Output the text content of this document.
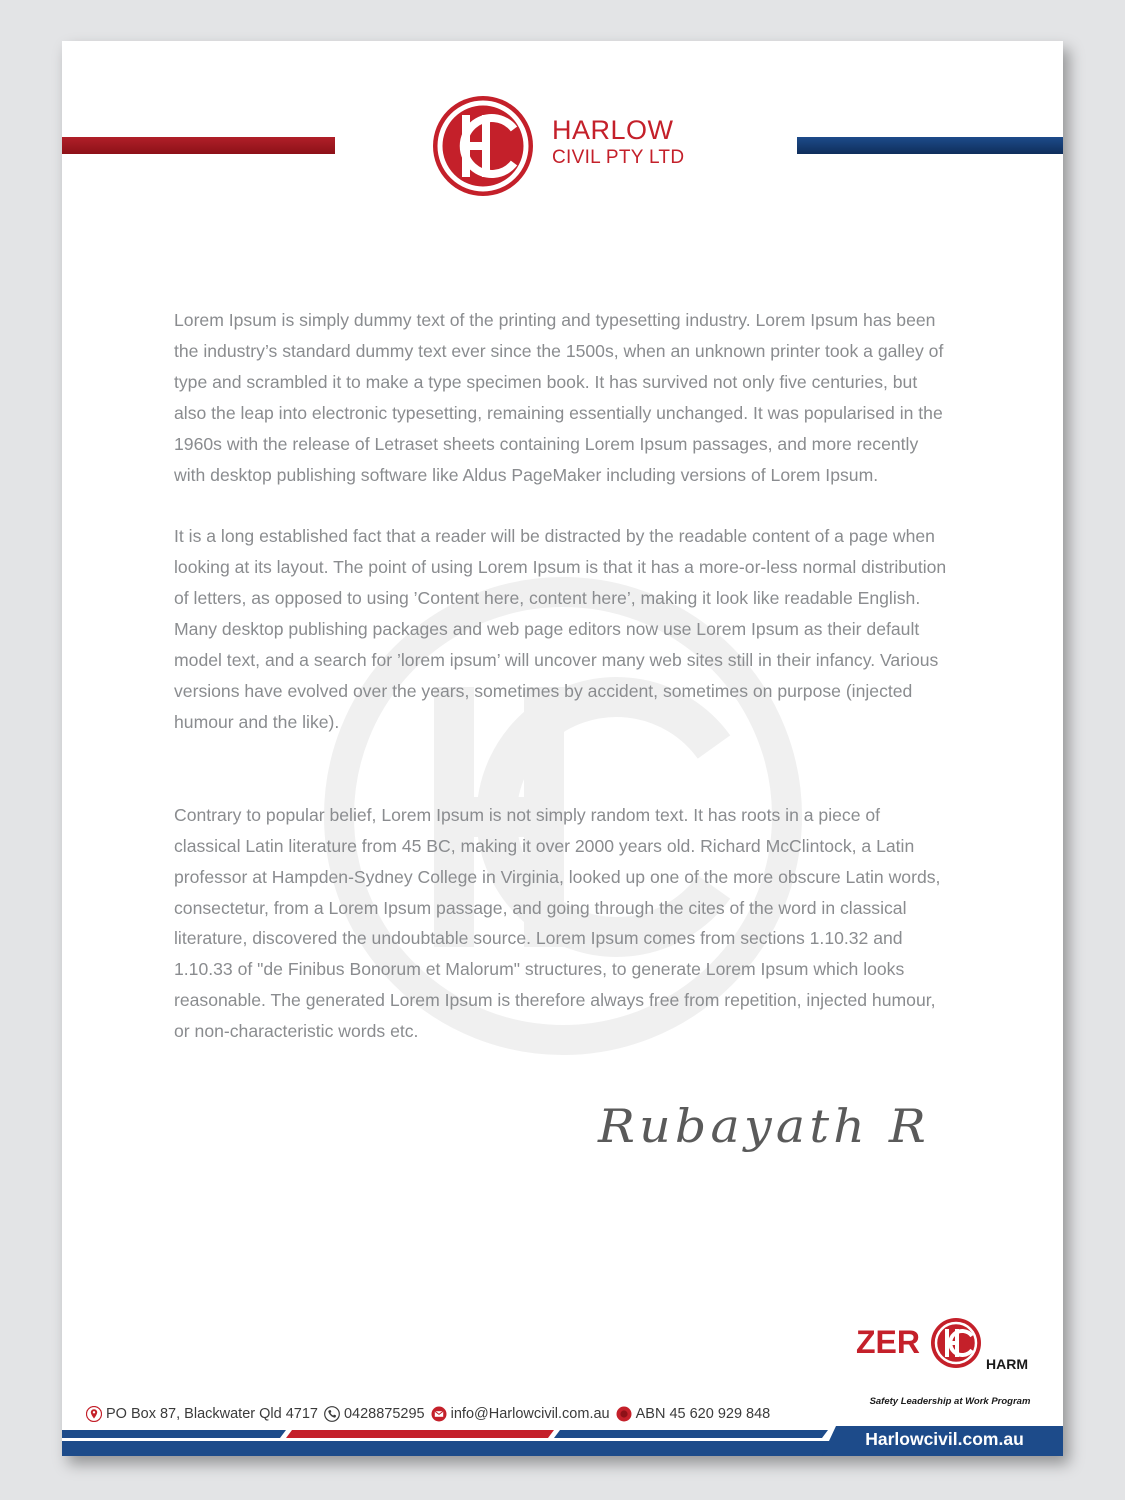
HARLOW
CIVIL PTY LTD

Lorem Ipsum is simply dummy text of the printing and typesetting industry. Lorem Ipsum has been the industry’s standard dummy text ever since the 1500s, when an unknown printer took a galley of type and scrambled it to make a type specimen book. It has survived not only five centuries, but also the leap into electronic typesetting, remaining essentially unchanged. It was popularised in the 1960s with the release of Letraset sheets containing Lorem Ipsum passages, and more recently with desktop publishing software like Aldus PageMaker including versions of Lorem Ipsum.

It is a long established fact that a reader will be distracted by the readable content of a page when looking at its layout. The point of using Lorem Ipsum is that it has a more-or-less normal distribution of letters, as opposed to using ’Content here, content here’, making it look like readable English. Many desktop publishing packages and web page editors now use Lorem Ipsum as their default model text, and a search for ’lorem ipsum’ will uncover many web sites still in their infancy. Various versions have evolved over the years, sometimes by accident, sometimes on purpose (injected humour and the like).

Contrary to popular belief, Lorem Ipsum is not simply random text. It has roots in a piece of classical Latin literature from 45 BC, making it over 2000 years old. Richard McClintock, a Latin professor at Hampden-Sydney College in Virginia, looked up one of the more obscure Latin words, consectetur, from a Lorem Ipsum passage, and going through the cites of the word in classical literature, discovered the undoubtable source. Lorem Ipsum comes from sections 1.10.32 and 1.10.33 of "de Finibus Bonorum et Malorum" structures, to generate Lorem Ipsum which looks reasonable. The generated Lorem Ipsum is therefore always free from repetition, injected humour, or non-characteristic words etc.

Rubayath R
ZER
HARM
Safety Leadership at Work Program
PO Box 87, Blackwater Qld 4717 0428875295 info@Harlowcivil.com.au ABN 45 620 929 848
Harlowcivil.com.au
